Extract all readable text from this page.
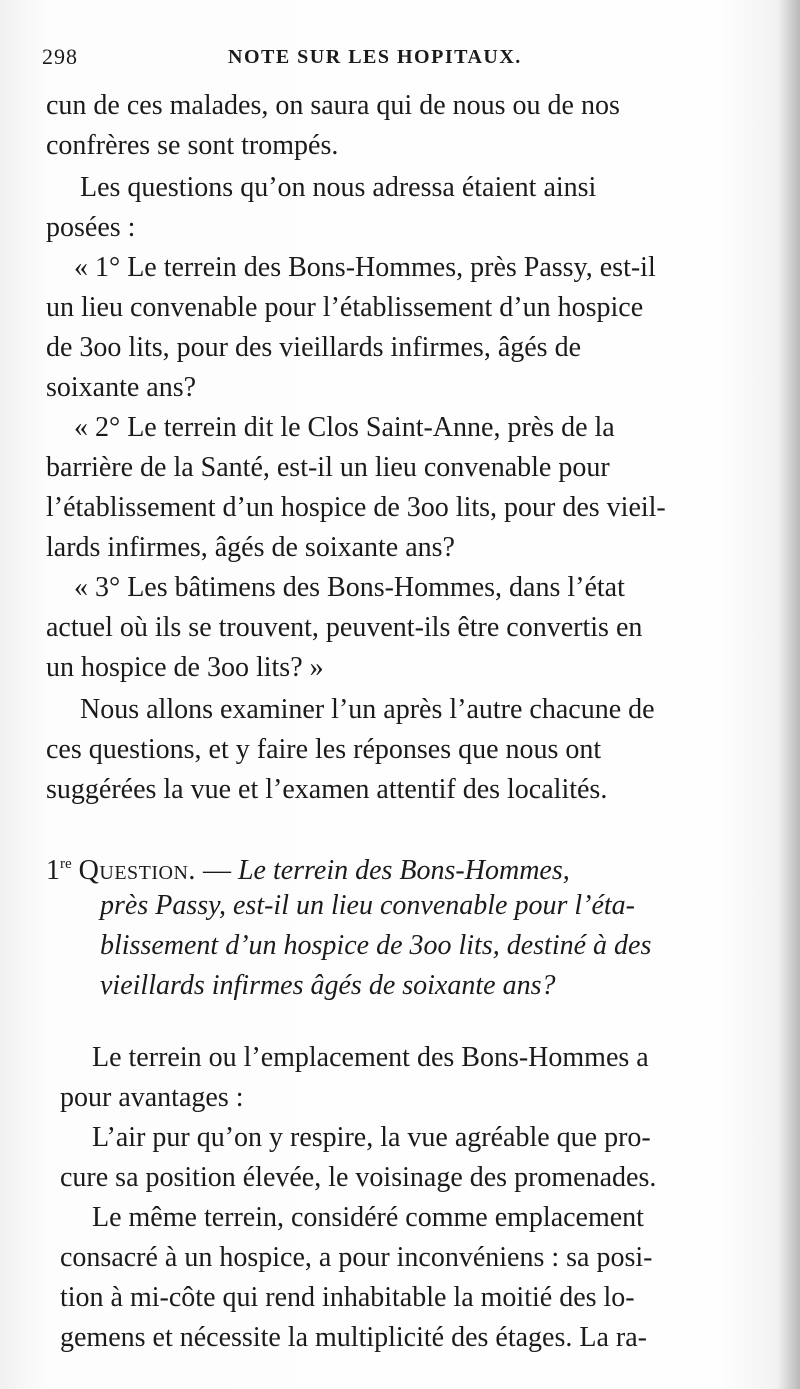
298	NOTE SUR LES HOPITAUX.
cun de ces malades, on saura qui de nous ou de nos
confrères se sont trompés.
Les questions qu’on nous adressa étaient ainsi
posées :
« 1° Le terrein des Bons-Hommes, près Passy, est-il
un lieu convenable pour l’établissement d’un hospice
de 3oo lits, pour des vieillards infirmes, âgés de
soixante ans?
« 2° Le terrein dit le Clos Saint-Anne, près de la
barrière de la Santé, est-il un lieu convenable pour
l’établissement d’un hospice de 3oo lits, pour des vieil-
lards infirmes, âgés de soixante ans?
« 3° Les bâtimens des Bons-Hommes, dans l’état
actuel où ils se trouvent, peuvent-ils être convertis en
un hospice de 3oo lits? »
Nous allons examiner l’un après l’autre chacune de
ces questions, et y faire les réponses que nous ont
suggérées la vue et l’examen attentif des localités.
1re Question. — Le terrein des Bons-Hommes,
près Passy, est-il un lieu convenable pour l’éta-
blissement d’un hospice de 3oo lits, destiné à des
vieillards infirmes âgés de soixante ans?
Le terrein ou l’emplacement des Bons-Hommes a
pour avantages :
L’air pur qu’on y respire, la vue agréable que pro-
cure sa position élevée, le voisinage des promenades.
Le même terrein, considéré comme emplacement
consacré à un hospice, a pour inconvéniens : sa posi-
tion à mi-côte qui rend inhabitable la moitié des lo-
gemens et nécessite la multiplicité des étages. La ra-
